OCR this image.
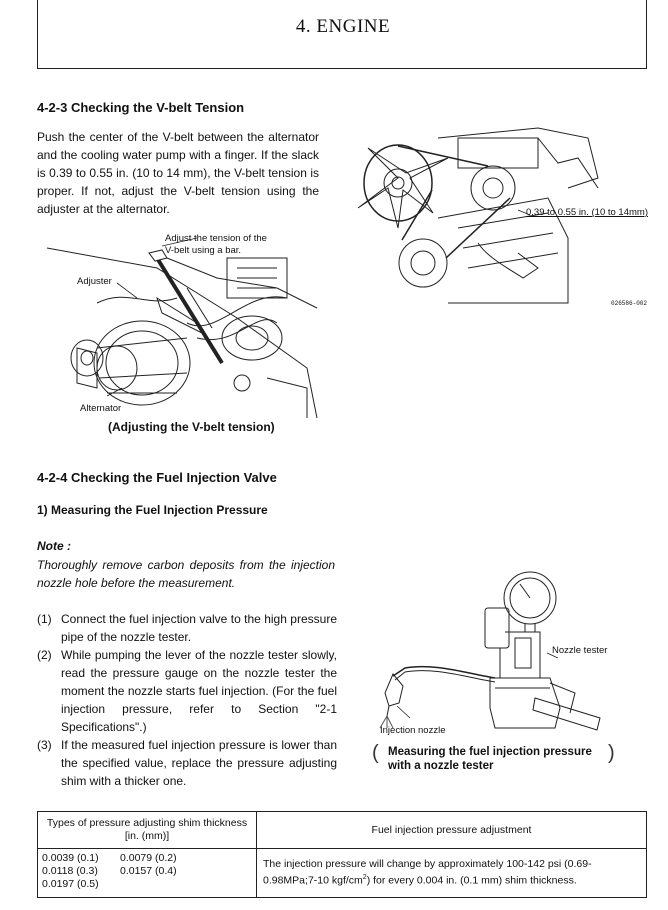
4. ENGINE
4-2-3 Checking the V-belt Tension
Push the center of the V-belt between the alternator and the cooling water pump with a finger. If the slack is 0.39 to 0.55 in. (10 to 14 mm), the V-belt tension is proper. If not, adjust the V-belt tension using the adjuster at the alternator.
Adjust the tension of the V-belt using a bar.
Adjuster
Alternator
(Adjusting the V-belt tension)
0.39 to 0.55 in. (10 to 14mm)
026586-002
4-2-4 Checking the Fuel Injection Valve
1) Measuring the Fuel Injection Pressure
Note :
Thoroughly remove carbon deposits from the injection nozzle hole before the measurement.
(1) Connect the fuel injection valve to the high pressure pipe of the nozzle tester.
(2) While pumping the lever of the nozzle tester slowly, read the pressure gauge on the nozzle tester the moment the nozzle starts fuel injection. (For the fuel injection pressure, refer to Section "2-1 Specifications".)
(3) If the measured fuel injection pressure is lower than the specified value, replace the pressure adjusting shim with a thicker one.
Nozzle tester
Injection nozzle
(	)
Measuring the fuel injection pressure
with a nozzle tester
Types of pressure adjusting shim thickness [in. (mm)]	Fuel injection pressure adjustment

0.0039 (0.1) 0.0079 (0.2)
0.0118 (0.3) 0.0157 (0.4)
0.0197 (0.5)	The injection pressure will change by approximately 100-142 psi (0.69-0.98MPa;7-10 kgf/$cm^2$) for every 0.004 in. (0.1 mm) shim thickness.
